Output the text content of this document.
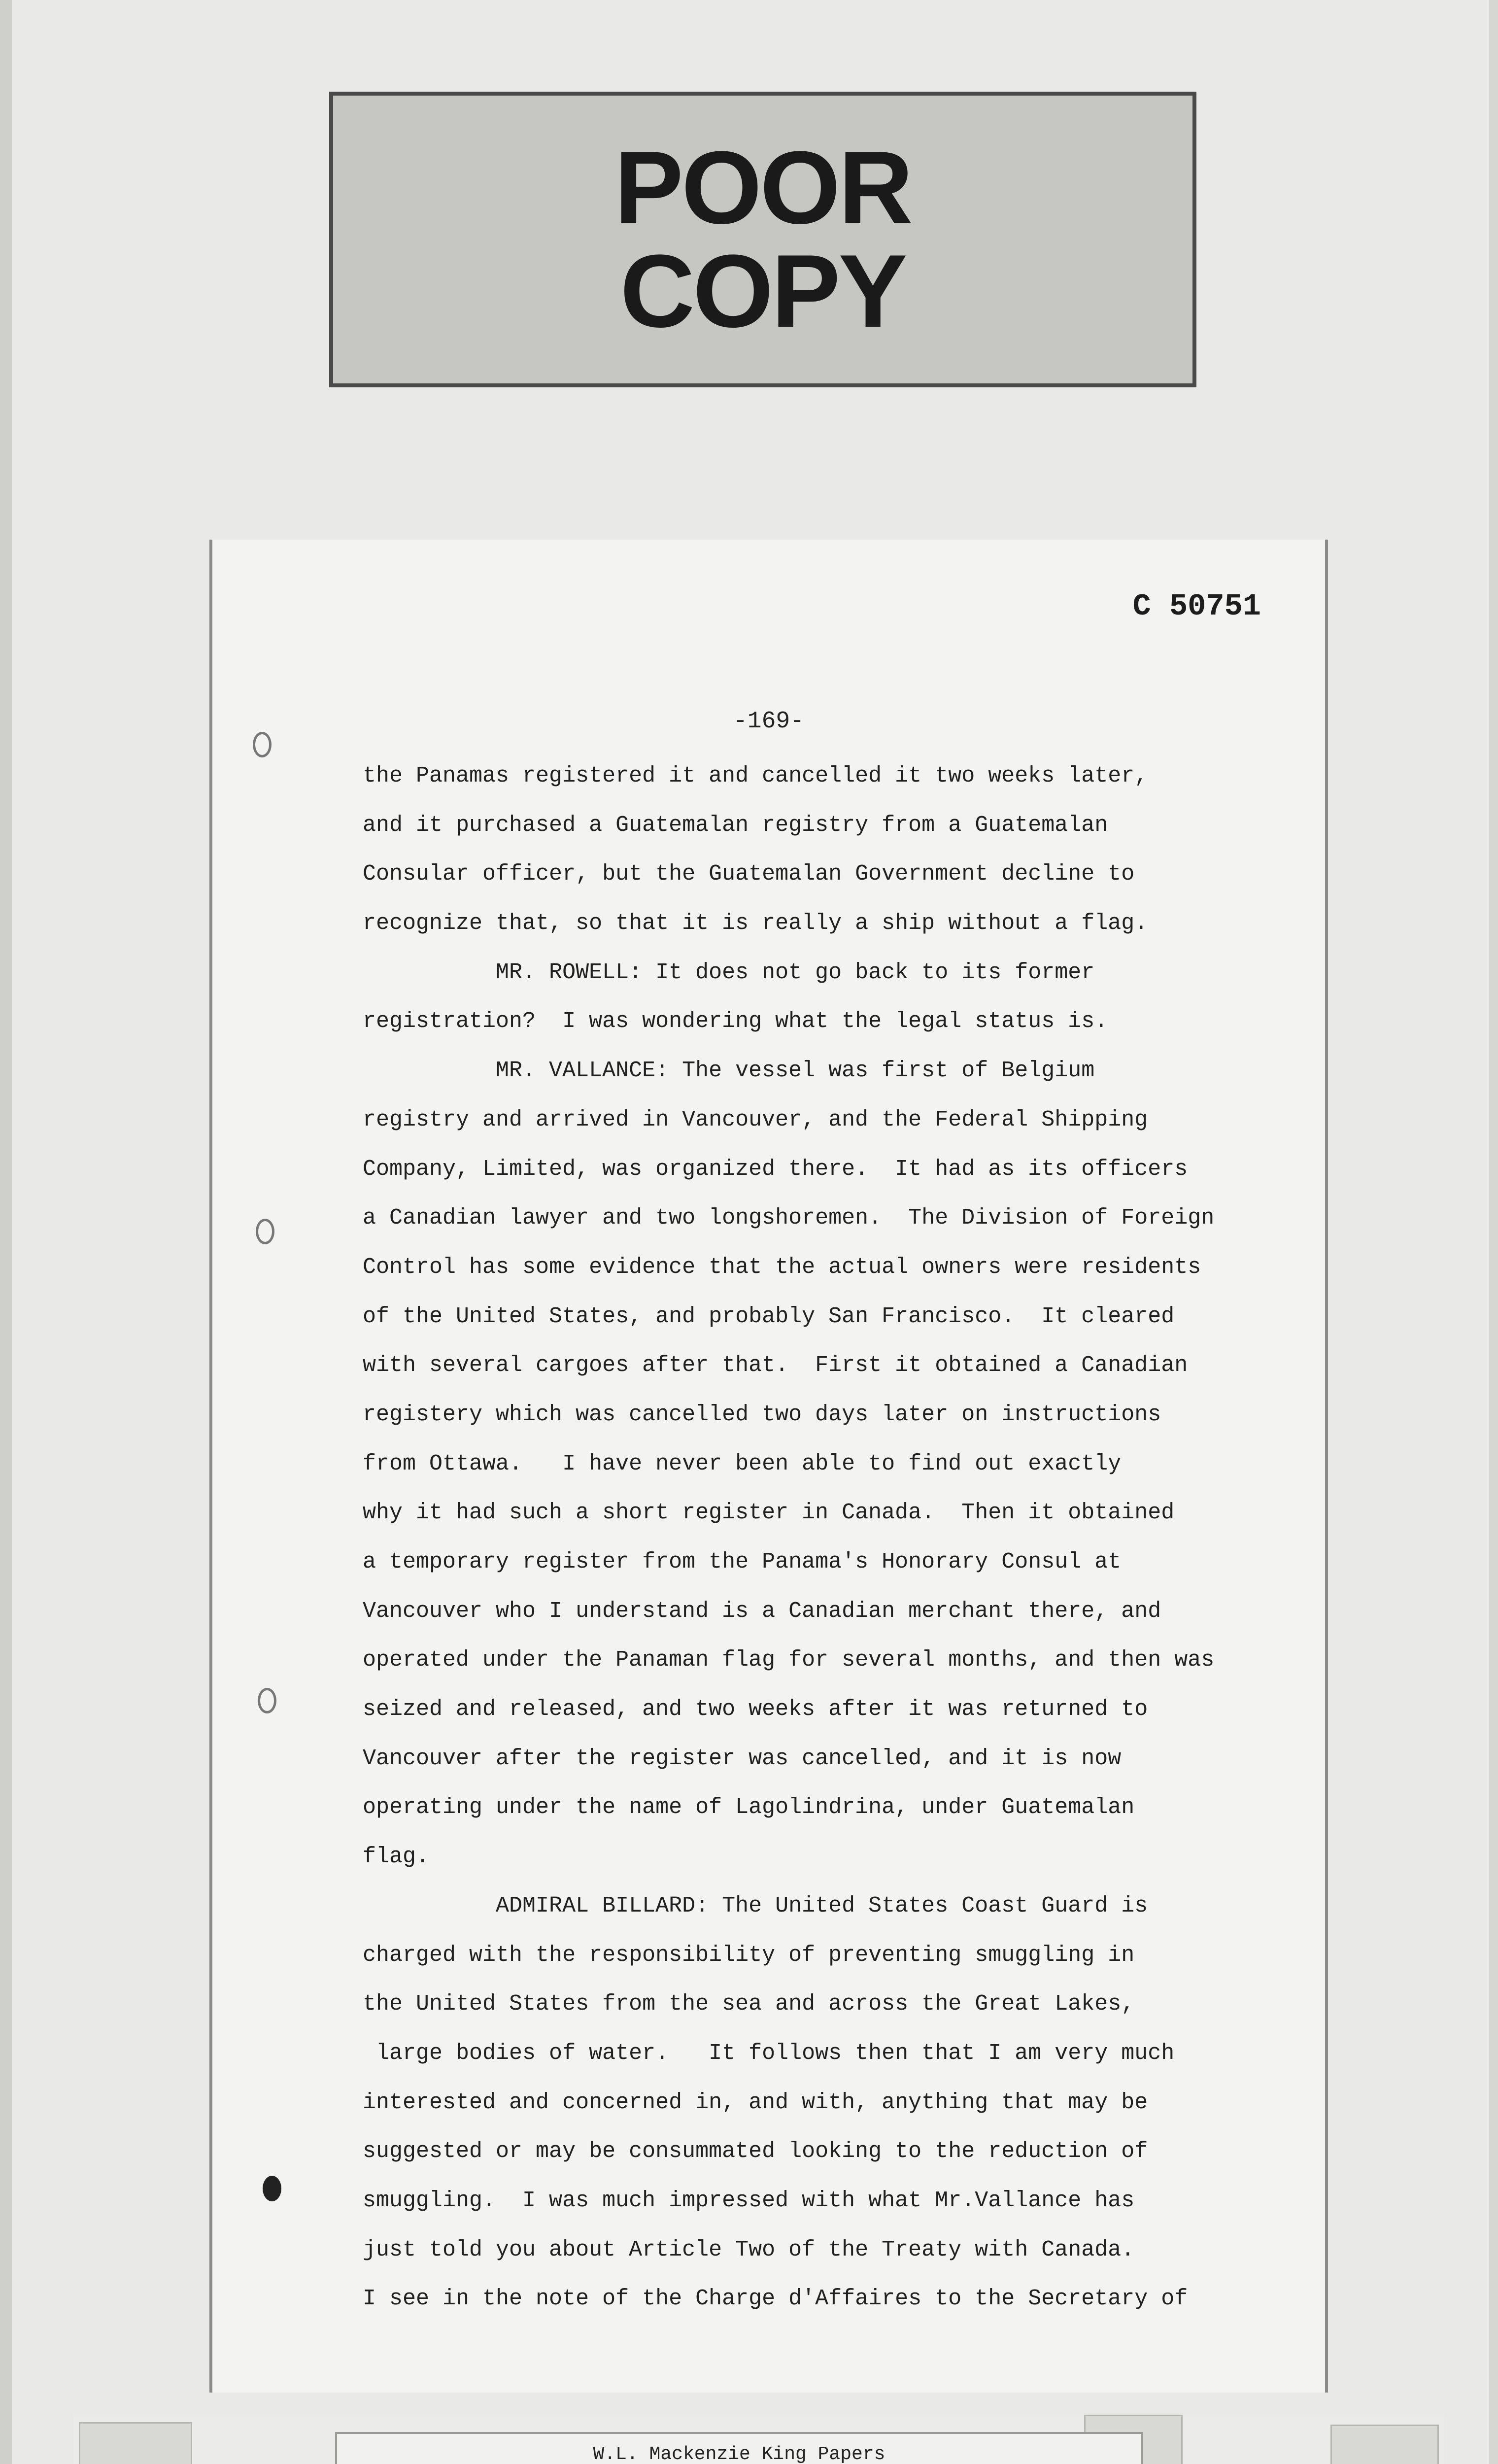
POOR
COPY
C 50751
-169-
the Panamas registered it and cancelled it two weeks later,
and it purchased a Guatemalan registry from a Guatemalan
Consular officer, but the Guatemalan Government decline to
recognize that, so that it is really a ship without a flag.
MR. ROWELL: It does not go back to its former
registration?  I was wondering what the legal status is.
MR. VALLANCE: The vessel was first of Belgium
registry and arrived in Vancouver, and the Federal Shipping
Company, Limited, was organized there.  It had as its officers
a Canadian lawyer and two longshoremen.  The Division of Foreign
Control has some evidence that the actual owners were residents
of the United States, and probably San Francisco.  It cleared
with several cargoes after that.  First it obtained a Canadian
registery which was cancelled two days later on instructions
from Ottawa.   I have never been able to find out exactly
why it had such a short register in Canada.  Then it obtained
a temporary register from the Panama's Honorary Consul at
Vancouver who I understand is a Canadian merchant there, and
operated under the Panaman flag for several months, and then was
seized and released, and two weeks after it was returned to
Vancouver after the register was cancelled, and it is now
operating under the name of Lagolindrina, under Guatemalan
flag.
ADMIRAL BILLARD: The United States Coast Guard is
charged with the responsibility of preventing smuggling in
the United States from the sea and across the Great Lakes,
large bodies of water.   It follows then that I am very much
interested and concerned in, and with, anything that may be
suggested or may be consummated looking to the reduction of
smuggling.  I was much impressed with what Mr.Vallance has
just told you about Article Two of the Treaty with Canada.
I see in the note of the Charge d'Affaires to the Secretary of
W.L. Mackenzie King Papers
